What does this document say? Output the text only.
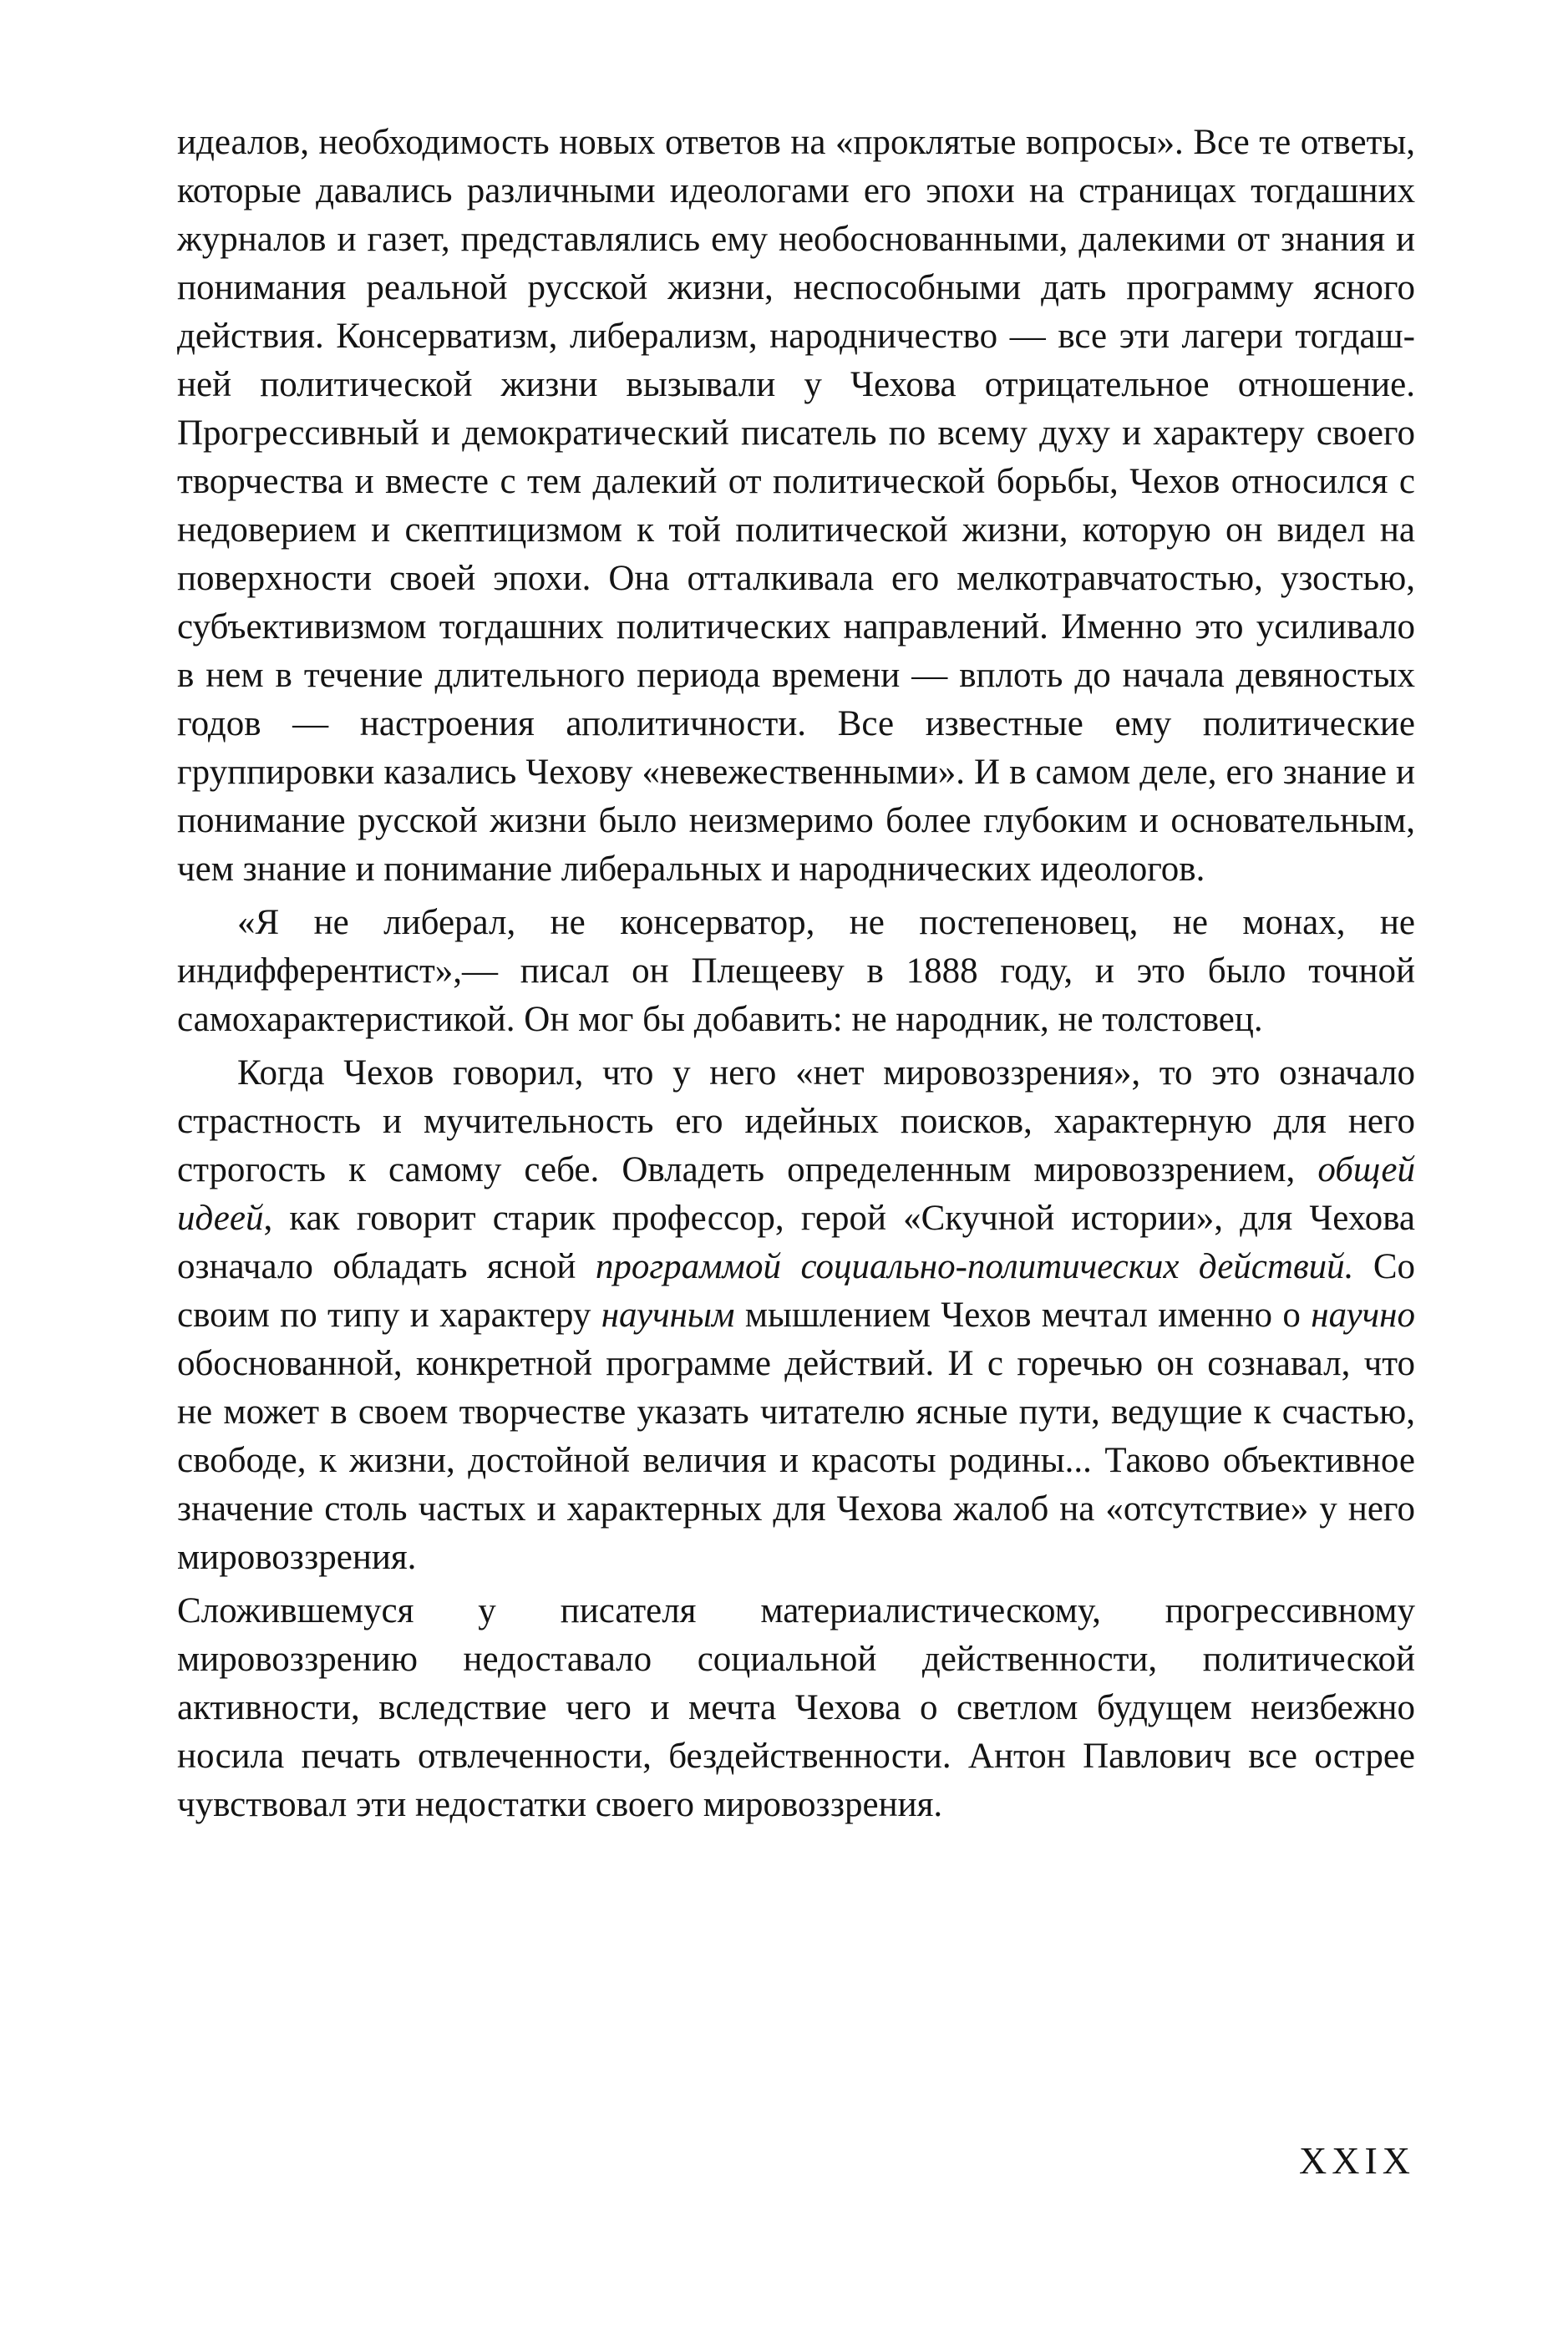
идеалов, необходимость новых ответов на «проклятые вопросы». Все те ответы, которые давались различными идеологами его эпохи на страницах тогдашних журналов и газет, представлялись ему необоснованными, далекими от знания и понимания реальной русской жизни, неспособными дать программу ясного действия. Консерватизм, либерализм, народничество — все эти лагери тогдашней политической жизни вызывали у Чехова отрицательное отношение. Прогрессивный и демократический писатель по всему духу и характеру своего творчества и вместе с тем далекий от политической борьбы, Чехов относился с недоверием и скептицизмом к той политической жизни, которую он видел на поверхности своей эпохи. Она отталкивала его мелкотравчатостью, узостью, субъективизмом тогдашних политических направлений. Именно это усиливало в нем в течение длительного периода времени — вплоть до начала девяностых годов — настроения аполитичности. Все известные ему политические группировки казались Чехову «невежественными». И в самом деле, его знание и понимание русской жизни было неизмеримо более глубоким и основательным, чем знание и понимание либеральных и народнических идеологов.

«Я не либерал, не консерватор, не постепеновец, не монах, не индифферентист»,— писал он Плещееву в 1888 году, и это было точной самохарактеристикой. Он мог бы добавить: не народник, не толстовец.

Когда Чехов говорил, что у него «нет мировоззрения», то это означало страстность и мучительность его идейных поисков, характерную для него строгость к самому себе. Овладеть определенным мировоззрением, общей идеей, как говорит старик профессор, герой «Скучной истории», для Чехова означало обладать ясной программой социально-политических действий. Со своим по типу и характеру научным мышлением Чехов мечтал именно о научно обоснованной, конкретной программе действий. И с горечью он сознавал, что не может в своем творчестве указать читателю ясные пути, ведущие к счастью, свободе, к жизни, достойной величия и красоты родины... Таково объективное значение столь частых и характерных для Чехова жалоб на «отсутствие» у него мировоззрения.

Сложившемуся у писателя материалистическому, прогрессивному мировоззрению недоставало социальной действенности, политической активности, вследствие чего и мечта Чехова о светлом будущем неизбежно носила печать отвлеченности, бездейственности. Антон Павлович все острее чувствовал эти недостатки своего мировоззрения.

XXIX
